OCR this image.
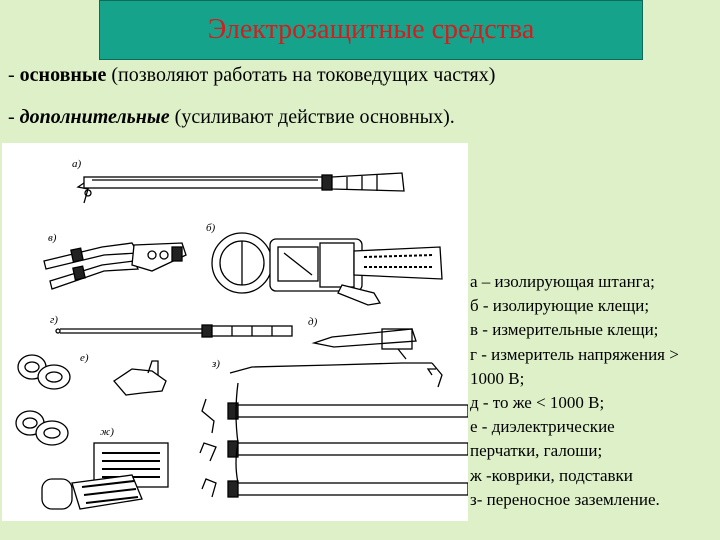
Электрозащитные средства
- основные (позволяют работать на токоведущих частях)
- дополнительные (усиливают действие основных).
а)
б)
в)
г)	д)
е)
ж)
з)
а – изолирующая штанга;
б - изолирующие клещи;
в - измерительные клещи;
г - измеритель напряжения >
1000 В;
д - то же < 1000 В;
е - диэлектрические
перчатки, галоши;
ж -коврики, подставки
з- переносное заземление.
